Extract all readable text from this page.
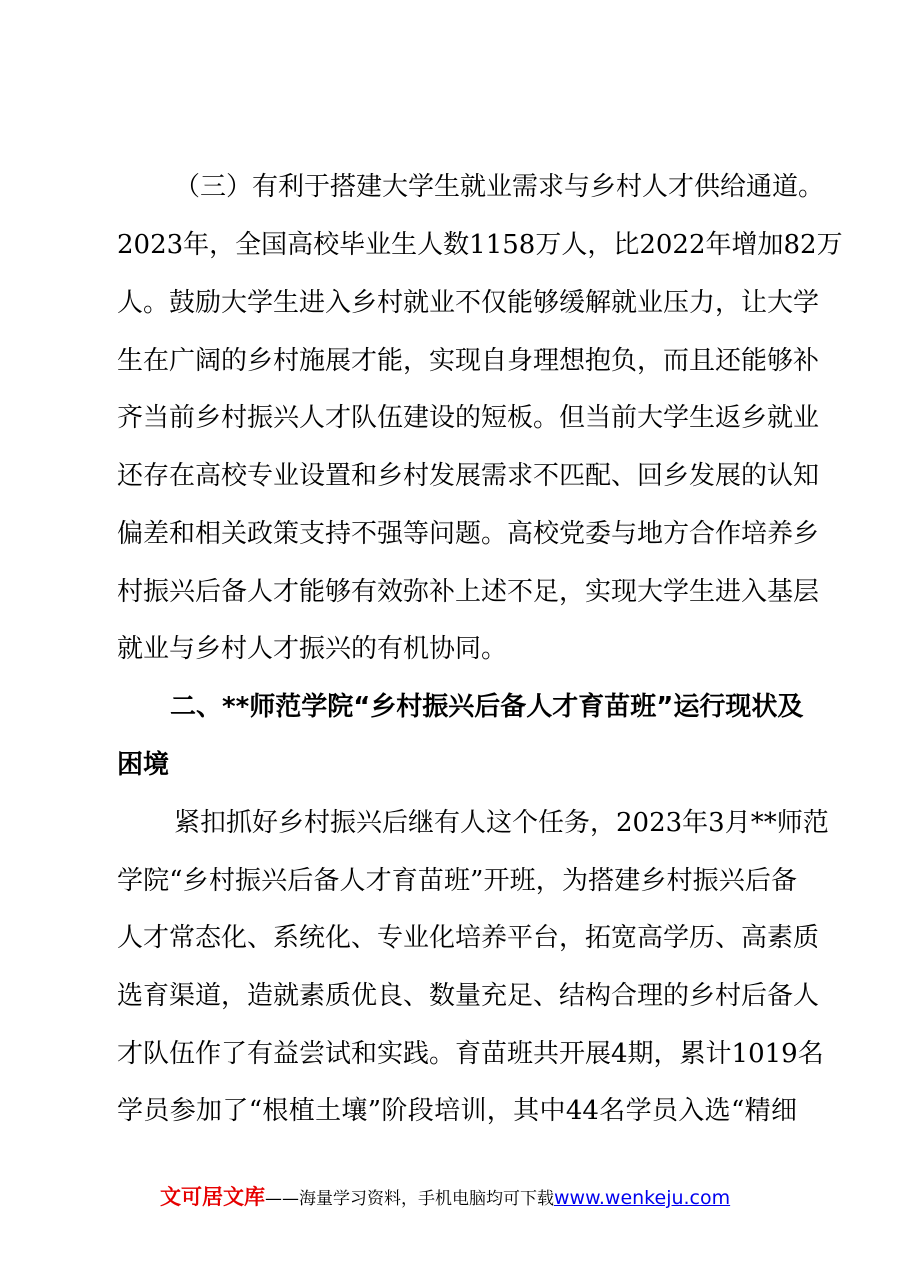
（三）有利于搭建大学生就业需求与乡村人才供给通道。
2023年，全国高校毕业生人数1158万人，比2022年增加82万
人。鼓励大学生进入乡村就业不仅能够缓解就业压力，让大学
生在广阔的乡村施展才能，实现自身理想抱负，而且还能够补
齐当前乡村振兴人才队伍建设的短板。但当前大学生返乡就业
还存在高校专业设置和乡村发展需求不匹配、回乡发展的认知
偏差和相关政策支持不强等问题。高校党委与地方合作培养乡
村振兴后备人才能够有效弥补上述不足，实现大学生进入基层
就业与乡村人才振兴的有机协同。
二、**师范学院“乡村振兴后备人才育苗班”运行现状及
困境
紧扣抓好乡村振兴后继有人这个任务，2023年3月**师范
学院“乡村振兴后备人才育苗班”开班，为搭建乡村振兴后备
人才常态化、系统化、专业化培养平台，拓宽高学历、高素质
选育渠道，造就素质优良、数量充足、结构合理的乡村后备人
才队伍作了有益尝试和实践。育苗班共开展4期，累计1019名
学员参加了“根植土壤”阶段培训，其中44名学员入选“精细
文可居文库——海量学习资料，手机电脑均可下载www.wenkeju.com
